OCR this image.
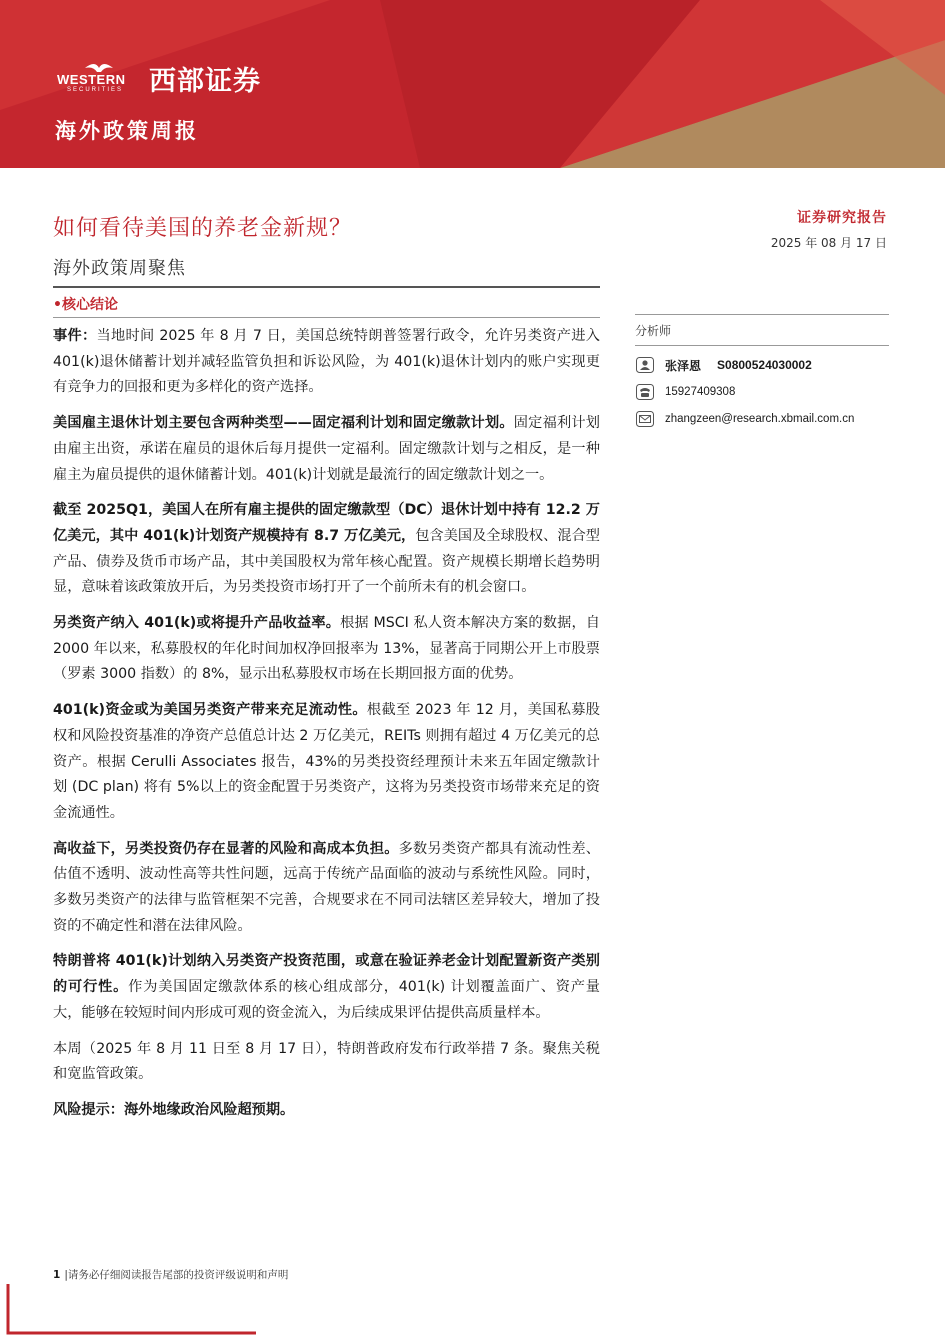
WESTERN
SECURITIES 西部证券
海外政策周报
如何看待美国的养老金新规？
海外政策周聚焦
•核心结论
证券研究报告
2025 年 08 月 17 日
分析师
张泽恩 S0800524030002
15927409308
zhangzeen@research.xbmail.com.cn

事件：当地时间 2025 年 8 月 7 日，美国总统特朗普签署行政令，允许另类资产进入 401(k)退休储蓄计划并减轻监管负担和诉讼风险，为 401(k)退休计划内的账户实现更有竞争力的回报和更为多样化的资产选择。

美国雇主退休计划主要包含两种类型——固定福利计划和固定缴款计划。固定福利计划由雇主出资，承诺在雇员的退休后每月提供一定福利。固定缴款计划与之相反，是一种雇主为雇员提供的退休储蓄计划。401(k)计划就是最流行的固定缴款计划之一。

截至 2025Q1，美国人在所有雇主提供的固定缴款型（DC）退休计划中持有 12.2 万亿美元，其中 401(k)计划资产规模持有 8.7 万亿美元，包含美国及全球股权、混合型产品、债券及货币市场产品，其中美国股权为常年核心配置。资产规模长期增长趋势明显，意味着该政策放开后，为另类投资市场打开了一个前所未有的机会窗口。

另类资产纳入 401(k)或将提升产品收益率。根据 MSCI 私人资本解决方案的数据，自 2000 年以来，私募股权的年化时间加权净回报率为 13%，显著高于同期公开上市股票（罗素 3000 指数）的 8%，显示出私募股权市场在长期回报方面的优势。

401(k)资金或为美国另类资产带来充足流动性。根截至 2023 年 12 月，美国私募股权和风险投资基准的净资产总值总计达 2 万亿美元，REITs 则拥有超过 4 万亿美元的总资产。根据 Cerulli Associates 报告，43%的另类投资经理预计未来五年固定缴款计划 (DC plan) 将有 5%以上的资金配置于另类资产，这将为另类投资市场带来充足的资金流通性。

高收益下，另类投资仍存在显著的风险和高成本负担。多数另类资产都具有流动性差、估值不透明、波动性高等共性问题，远高于传统产品面临的波动与系统性风险。同时，多数另类资产的法律与监管框架不完善，合规要求在不同司法辖区差异较大，增加了投资的不确定性和潜在法律风险。

特朗普将 401(k)计划纳入另类资产投资范围，或意在验证养老金计划配置新资产类别的可行性。作为美国固定缴款体系的核心组成部分，401(k) 计划覆盖面广、资产量大，能够在较短时间内形成可观的资金流入，为后续成果评估提供高质量样本。

本周（2025 年 8 月 11 日至 8 月 17 日），特朗普政府发布行政举措 7 条。聚焦关税和宽监管政策。

风险提示：海外地缘政治风险超预期。

1 |请务必仔细阅读报告尾部的投资评级说明和声明
